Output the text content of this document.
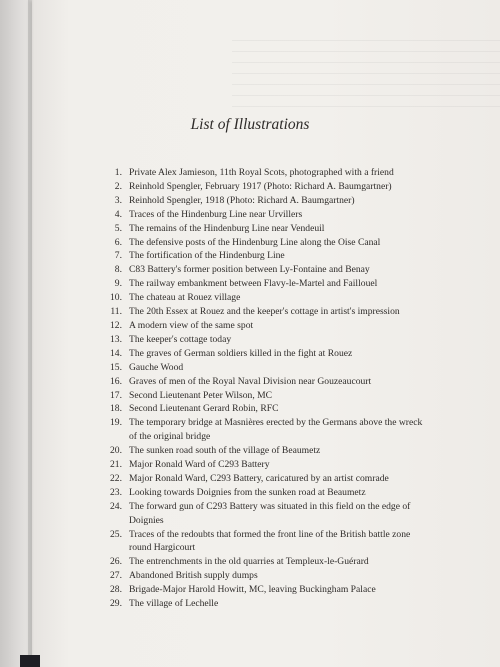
List of Illustrations
1. Private Alex Jamieson, 11th Royal Scots, photographed with a friend
2. Reinhold Spengler, February 1917 (Photo: Richard A. Baumgartner)
3. Reinhold Spengler, 1918 (Photo: Richard A. Baumgartner)
4. Traces of the Hindenburg Line near Urvillers
5. The remains of the Hindenburg Line near Vendeuil
6. The defensive posts of the Hindenburg Line along the Oise Canal
7. The fortification of the Hindenburg Line
8. C83 Battery's former position between Ly-Fontaine and Benay
9. The railway embankment between Flavy-le-Martel and Faillouel
10. The chateau at Rouez village
11. The 20th Essex at Rouez and the keeper's cottage in artist's impression
12. A modern view of the same spot
13. The keeper's cottage today
14. The graves of German soldiers killed in the fight at Rouez
15. Gauche Wood
16. Graves of men of the Royal Naval Division near Gouzeaucourt
17. Second Lieutenant Peter Wilson, MC
18. Second Lieutenant Gerard Robin, RFC
19. The temporary bridge at Masnières erected by the Germans above the wreck of the original bridge
20. The sunken road south of the village of Beaumetz
21. Major Ronald Ward of C293 Battery
22. Major Ronald Ward, C293 Battery, caricatured by an artist comrade
23. Looking towards Doignies from the sunken road at Beaumetz
24. The forward gun of C293 Battery was situated in this field on the edge of Doignies
25. Traces of the redoubts that formed the front line of the British battle zone round Hargicourt
26. The entrenchments in the old quarries at Templeux-le-Guérard
27. Abandoned British supply dumps
28. Brigade-Major Harold Howitt, MC, leaving Buckingham Palace
29. The village of Lechelle
